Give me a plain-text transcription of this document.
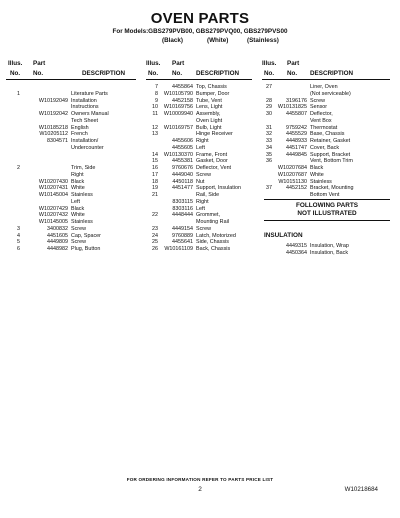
OVEN PARTS
For Models:GBS279PVB00, GBS279PVQ00, GBS279PVS00
(Black)	(White)	(Stainless)
Illus.
No.
Part
No.	DESCRIPTION
1	Literature Parts
W10192049 Installation
Instructions
W10192042 Owners Manual
Tech Sheet
W10185218 English
W10205112 French
8304571 Installation/
Undercounter
2	Trim, Side
Right
W10207430 Black
W10207431 White
W10145004 Stainless
Left
W10207429 Black
W10207432 White
W10145005 Stainless
3	3400832 Screw
4	4451605 Cap, Spacer
5	4449809 Screw
6	4448982 Plug, Button
Illus.
No.
Part
No. DESCRIPTION
7	4455864 Top, Chassis
8	W10105790 Bumper, Door
9	4452158 Tube, Vent
10	W10169756 Lens, Light
11	W10009940 Assembly,
Oven Light
12	W10169757 Bulb, Light
13	Hinge Receiver
4455606 Right
4455605 Left
14	W10130370 Frame, Front
15	4455381 Gasket, Door
16	9760676 Deflector, Vent
17	4449040 Screw
18	4450118 Nut
19	4451477 Support, Insulation
21	Rail, Side
8303115 Right
8303116 Left
22	4448444 Grommet,
Mounting Rail
23	4449154 Screw
24	9760889 Latch, Motorized
25	4455641 Side, Chassis
26	W10161109 Back, Chassis
Illus.
No.
Part
No. DESCRIPTION
27	Liner, Oven
(Not serviceable)
28	3196176 Screw
29	W10131825 Sensor
30	4455807 Deflector,
Vent Box
31	9759242 Thermostat
32	4455529 Base, Chassis
33	4448933 Retainer, Gasket
34	4451747 Cover, Back
35	4449845 Support, Bracket
36	Vent, Bottom Trim
W10207684 Black
W10207687 White
W10151130 Stainless
37	4452152 Bracket, Mounting
Bottom Vent
FOLLOWING PARTS
NOT ILLUSTRATED
INSULATION
4449315 Insulation, Wrap
4450364 Insulation, Back
FOR ORDERING INFORMATION REFER TO PARTS PRICE LIST
2	W10218684
